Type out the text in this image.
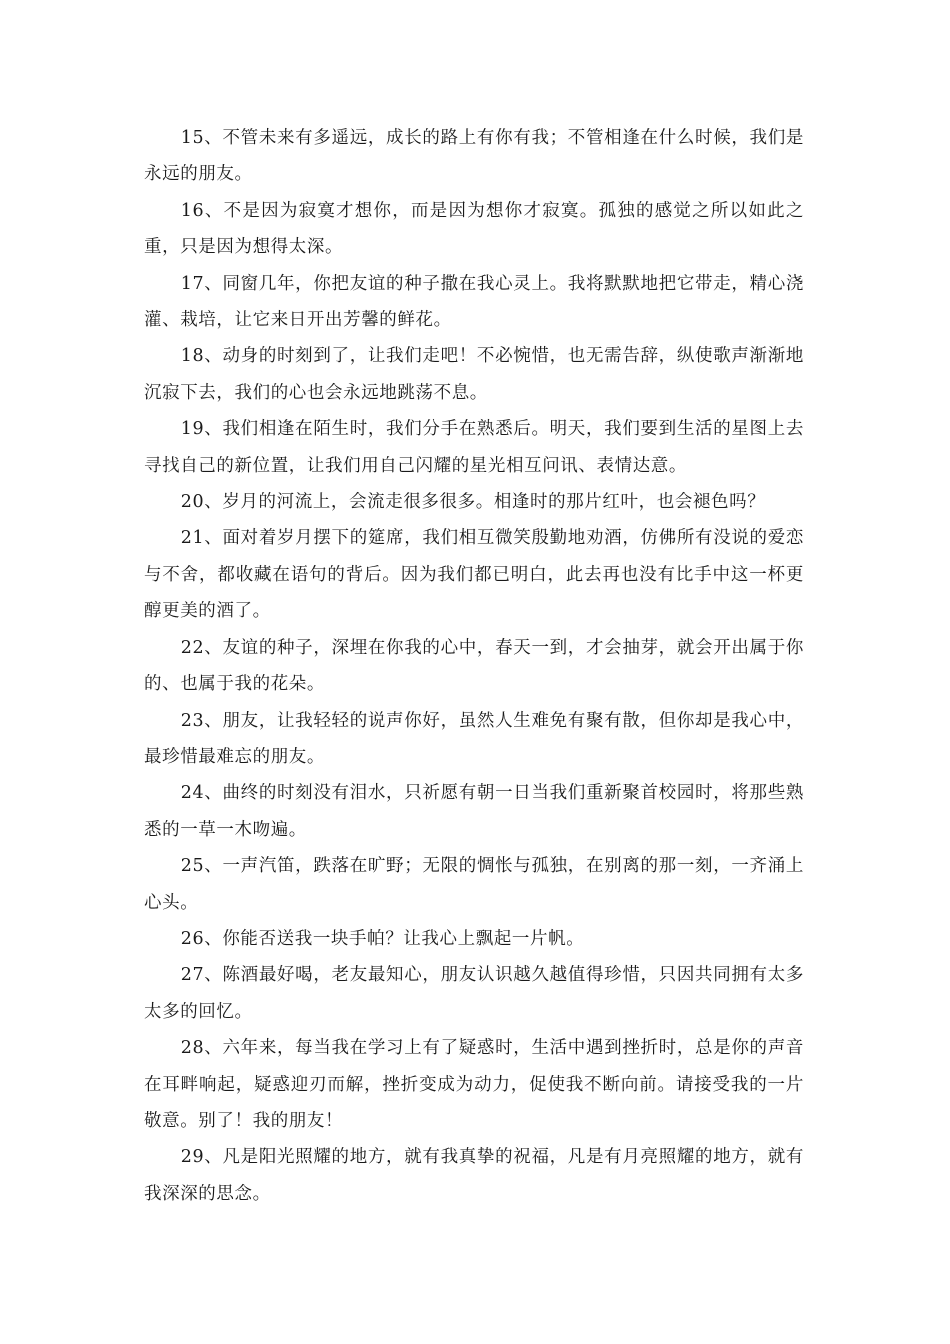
15、不管未来有多遥远，成长的路上有你有我；不管相逢在什么时候，我们是永远的朋友。

16、不是因为寂寞才想你，而是因为想你才寂寞。孤独的感觉之所以如此之重，只是因为想得太深。

17、同窗几年，你把友谊的种子撒在我心灵上。我将默默地把它带走，精心浇灌、栽培，让它来日开出芳馨的鲜花。

18、动身的时刻到了，让我们走吧！不必惋惜，也无需告辞，纵使歌声渐渐地沉寂下去，我们的心也会永远地跳荡不息。

19、我们相逢在陌生时，我们分手在熟悉后。明天，我们要到生活的星图上去寻找自己的新位置，让我们用自己闪耀的星光相互问讯、表情达意。

20、岁月的河流上，会流走很多很多。相逢时的那片红叶，也会褪色吗？

21、面对着岁月摆下的筵席，我们相互微笑殷勤地劝酒，仿佛所有没说的爱恋与不舍，都收藏在语句的背后。因为我们都已明白，此去再也没有比手中这一杯更醇更美的酒了。

22、友谊的种子，深埋在你我的心中，春天一到，才会抽芽，就会开出属于你的、也属于我的花朵。

23、朋友，让我轻轻的说声你好，虽然人生难免有聚有散，但你却是我心中，最珍惜最难忘的朋友。

24、曲终的时刻没有泪水，只祈愿有朝一日当我们重新聚首校园时，将那些熟悉的一草一木吻遍。

25、一声汽笛，跌落在旷野；无限的惆怅与孤独，在别离的那一刻，一齐涌上心头。

26、你能否送我一块手帕？让我心上飘起一片帆。

27、陈酒最好喝，老友最知心，朋友认识越久越值得珍惜，只因共同拥有太多太多的回忆。

28、六年来，每当我在学习上有了疑惑时，生活中遇到挫折时，总是你的声音在耳畔响起，疑惑迎刃而解，挫折变成为动力，促使我不断向前。请接受我的一片敬意。别了！我的朋友！

29、凡是阳光照耀的地方，就有我真挚的祝福，凡是有月亮照耀的地方，就有我深深的思念。
